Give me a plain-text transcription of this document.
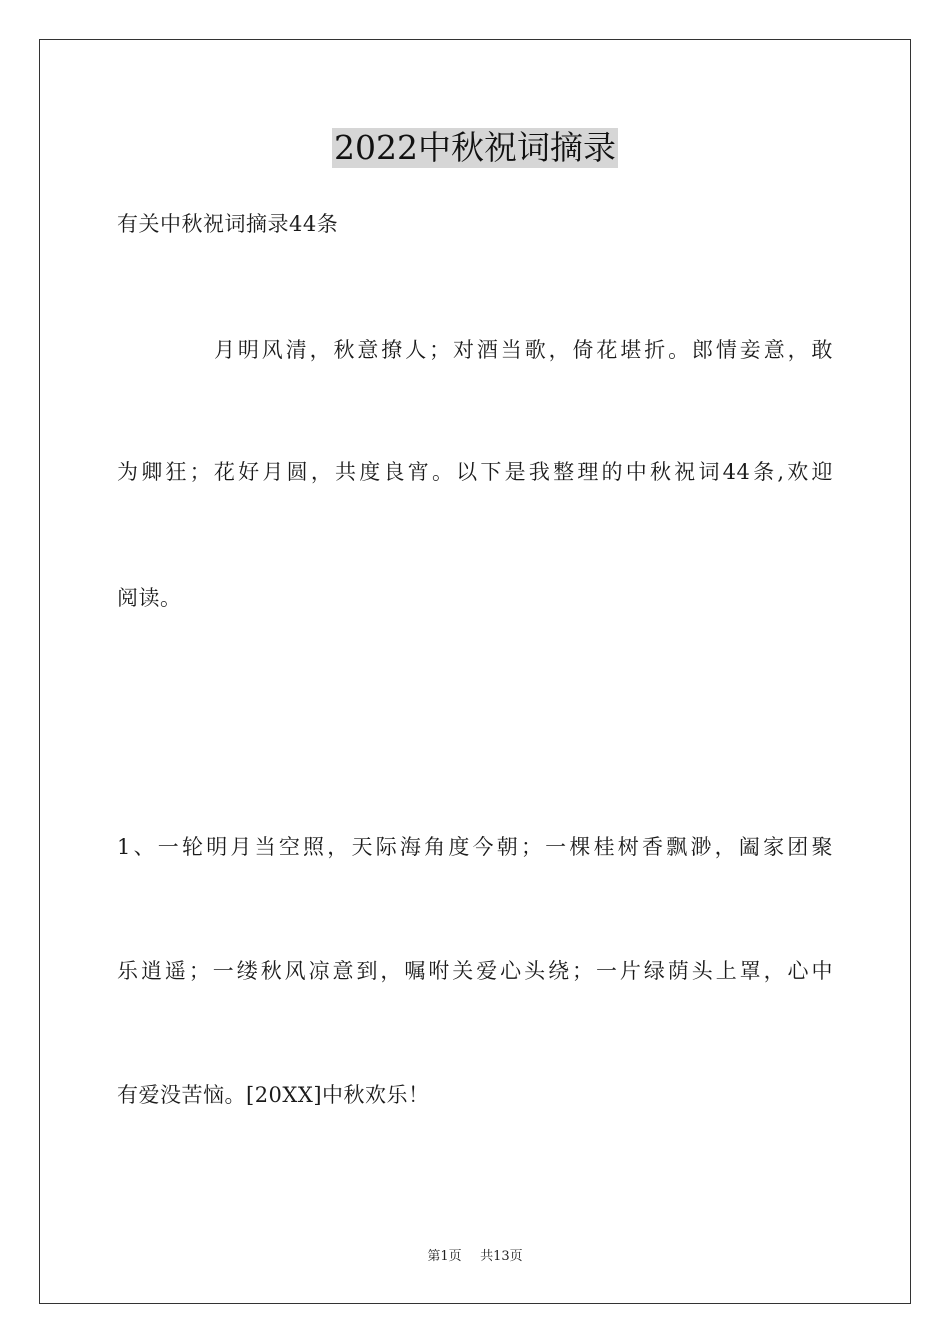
2022中秋祝词摘录
有关中秋祝词摘录44条
月明风清，秋意撩人；对酒当歌，倚花堪折。郎情妾意，敢
为卿狂；花好月圆，共度良宵。以下是我整理的中秋祝词44条,欢迎
阅读。
1、一轮明月当空照，天际海角度今朝；一棵桂树香飘渺，阖家团聚
乐逍遥；一缕秋风凉意到，嘱咐关爱心头绕；一片绿荫头上罩，心中
有爱没苦恼。[20XX]中秋欢乐！
第1页 共13页
